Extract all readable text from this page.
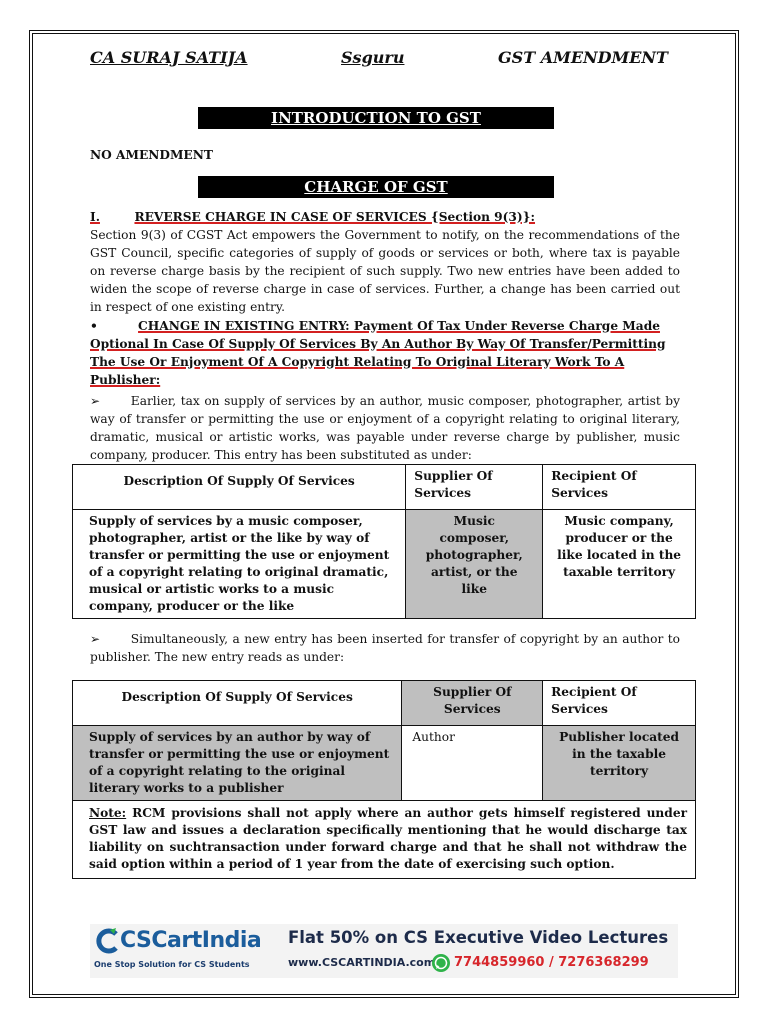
CA SURAJ SATIJA	Ssguru	GST AMENDMENT
INTRODUCTION TO GST
NO AMENDMENT
CHARGE OF GST
I.	REVERSE CHARGE IN CASE OF SERVICES {Section 9(3)}:
Section 9(3) of CGST Act empowers the Government to notify, on the recommendations of the GST Council, specific categories of supply of goods or services or both, where tax is payable on reverse charge basis by the recipient of such supply. Two new entries have been added to widen the scope of reverse charge in case of services. Further, a change has been carried out in respect of one existing entry.
•	CHANGE IN EXISTING ENTRY: Payment Of Tax Under Reverse Charge Made Optional In Case Of Supply Of Services By An Author By Way Of Transfer/Permitting The Use Or Enjoyment Of A Copyright Relating To Original Literary Work To A Publisher:
➢	Earlier, tax on supply of services by an author, music composer, photographer, artist by way of transfer or permitting the use or enjoyment of a copyright relating to original literary, dramatic, musical or artistic works, was payable under reverse charge by publisher, music company, producer. This entry has been substituted as under:
Description Of Supply Of Services	Supplier Of Services	Recipient Of Services
Supply of services by a music composer, photographer, artist or the like by way of transfer or permitting the use or enjoyment of a copyright relating to original dramatic, musical or artistic works to a music company, producer or the like	Music composer, photographer, artist, or the like	Music company, producer or the like located in the taxable territory
➢	Simultaneously, a new entry has been inserted for transfer of copyright by an author to publisher. The new entry reads as under:
Description Of Supply Of Services	Supplier Of Services	Recipient Of Services
Supply of services by an author by way of transfer or permitting the use or enjoyment of a copyright relating to the original literary works to a publisher	Author	Publisher located in the taxable territory
Note: RCM provisions shall not apply where an author gets himself registered under GST law and issues a declaration specifically mentioning that he would discharge tax liability on suchtransaction under forward charge and that he shall not withdraw the said option within a period of 1 year from the date of exercising such option.		
CSCartIndia
One Stop Solution for CS Students
Flat 50% on CS Executive Video Lectures
www.CSCARTINDIA.com 7744859960 / 7276368299
